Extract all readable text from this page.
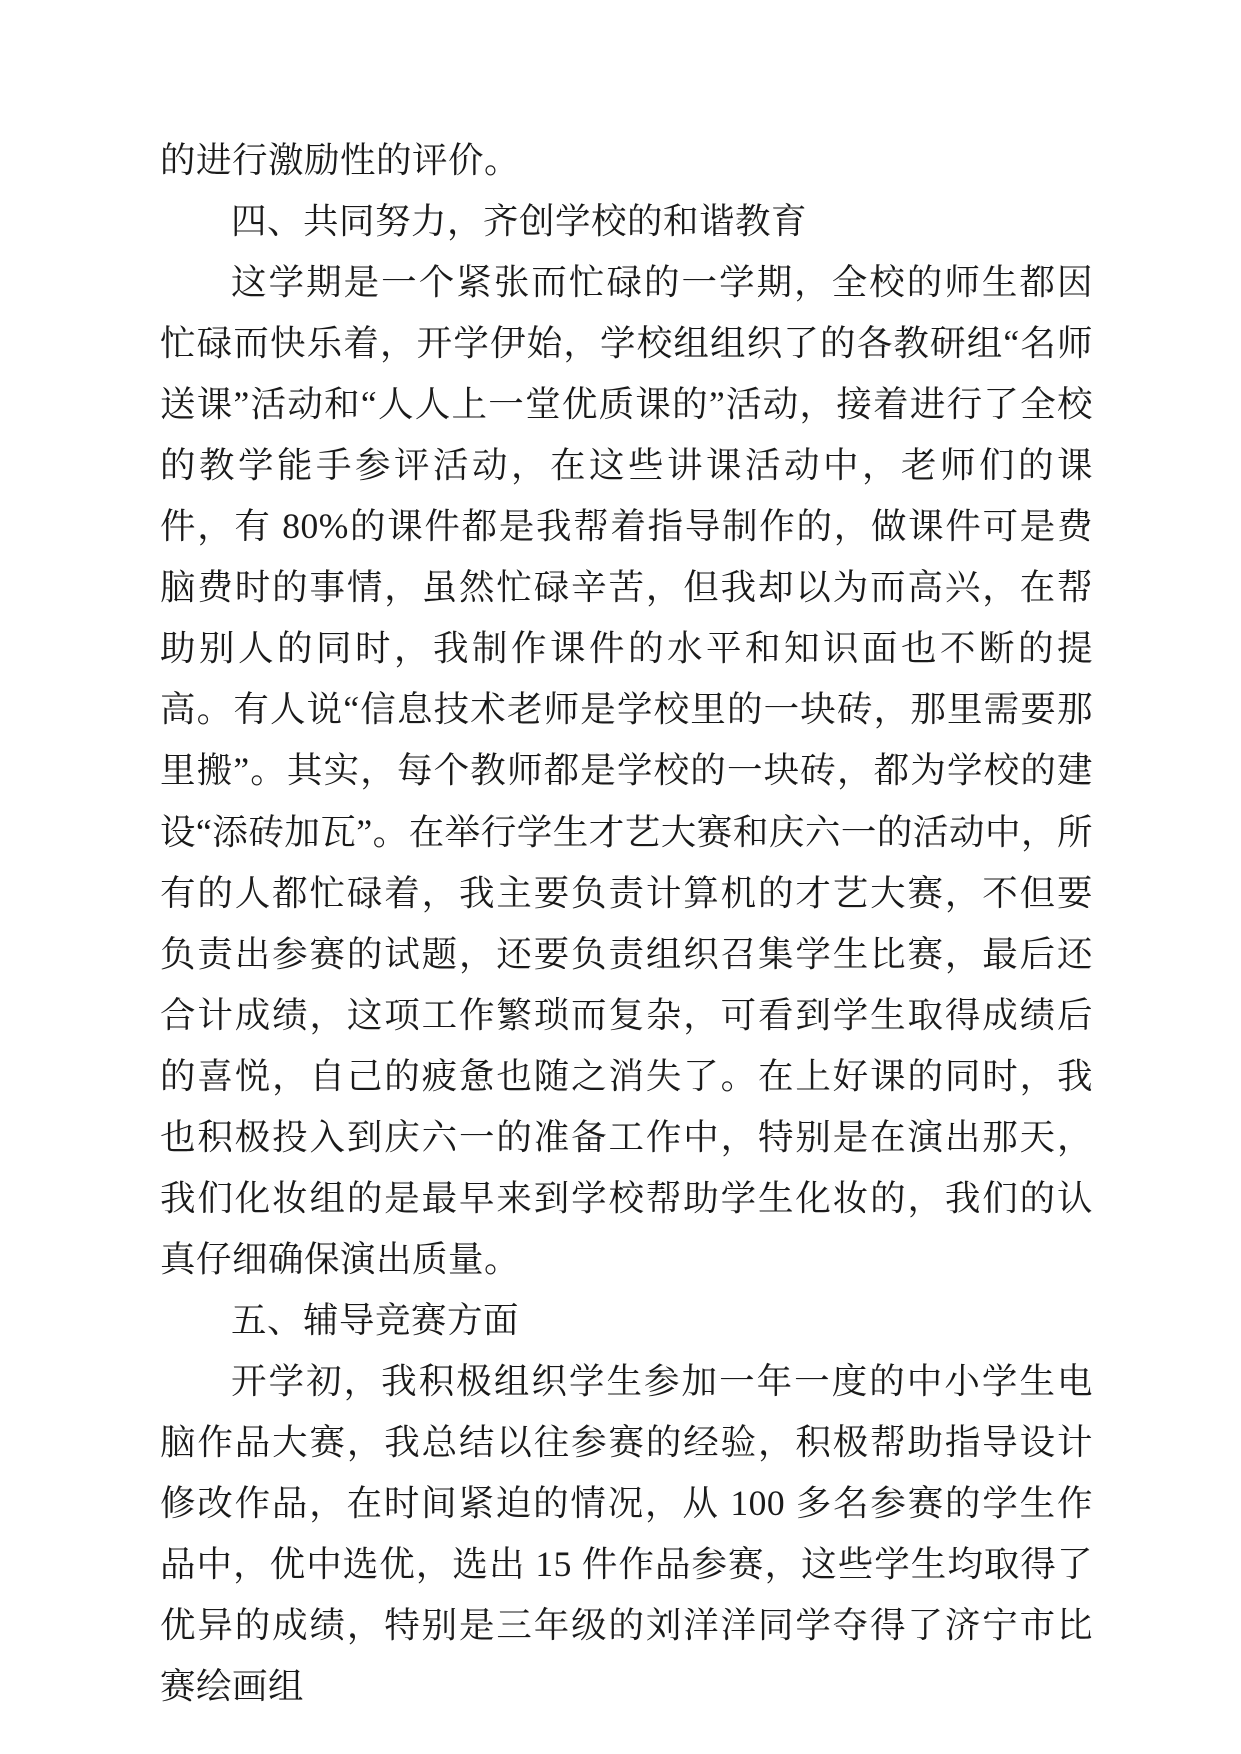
的进行激励性的评价。

四、共同努力，齐创学校的和谐教育

这学期是一个紧张而忙碌的一学期，全校的师生都因忙碌而快乐着，开学伊始，学校组组织了的各教研组“名师送课”活动和“人人上一堂优质课的”活动，接着进行了全校的教学能手参评活动，在这些讲课活动中，老师们的课件，有 80%的课件都是我帮着指导制作的，做课件可是费脑费时的事情，虽然忙碌辛苦，但我却以为而高兴，在帮助别人的同时，我制作课件的水平和知识面也不断的提高。有人说“信息技术老师是学校里的一块砖，那里需要那里搬”。其实，每个教师都是学校的一块砖，都为学校的建设“添砖加瓦”。在举行学生才艺大赛和庆六一的活动中，所有的人都忙碌着，我主要负责计算机的才艺大赛，不但要负责出参赛的试题，还要负责组织召集学生比赛，最后还合计成绩，这项工作繁琐而复杂，可看到学生取得成绩后的喜悦，自己的疲惫也随之消失了。在上好课的同时，我也积极投入到庆六一的准备工作中，特别是在演出那天，我们化妆组的是最早来到学校帮助学生化妆的，我们的认真仔细确保演出质量。

五、辅导竞赛方面

开学初，我积极组织学生参加一年一度的中小学生电脑作品大赛，我总结以往参赛的经验，积极帮助指导设计修改作品，在时间紧迫的情况，从 100 多名参赛的学生作品中，优中选优，选出 15 件作品参赛，这些学生均取得了优异的成绩，特别是三年级的刘洋洋同学夺得了济宁市比赛绘画组
